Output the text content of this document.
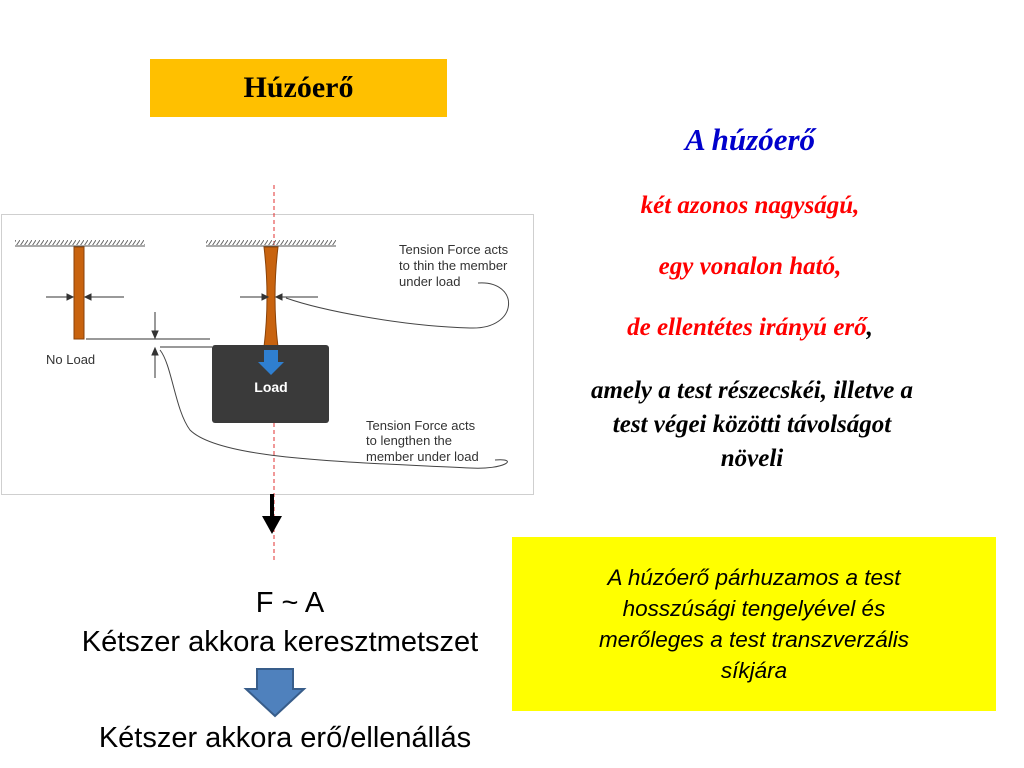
Húzóerő
Load
No Load
Tension Force acts
to thin the member
under load
Tension Force acts
to lengthen the
member under load
A húzóerő
két azonos nagyságú,
egy vonalon ható,
de ellentétes irányú erő,
amely a test részecskéi, illetve a
test végei közötti távolságot
növeli
A húzóerő párhuzamos a test
hosszúsági tengelyével és
merőleges a test transzverzális
síkjára
F ~ A
Kétszer akkora keresztmetszet
Kétszer akkora erő/ellenállás
